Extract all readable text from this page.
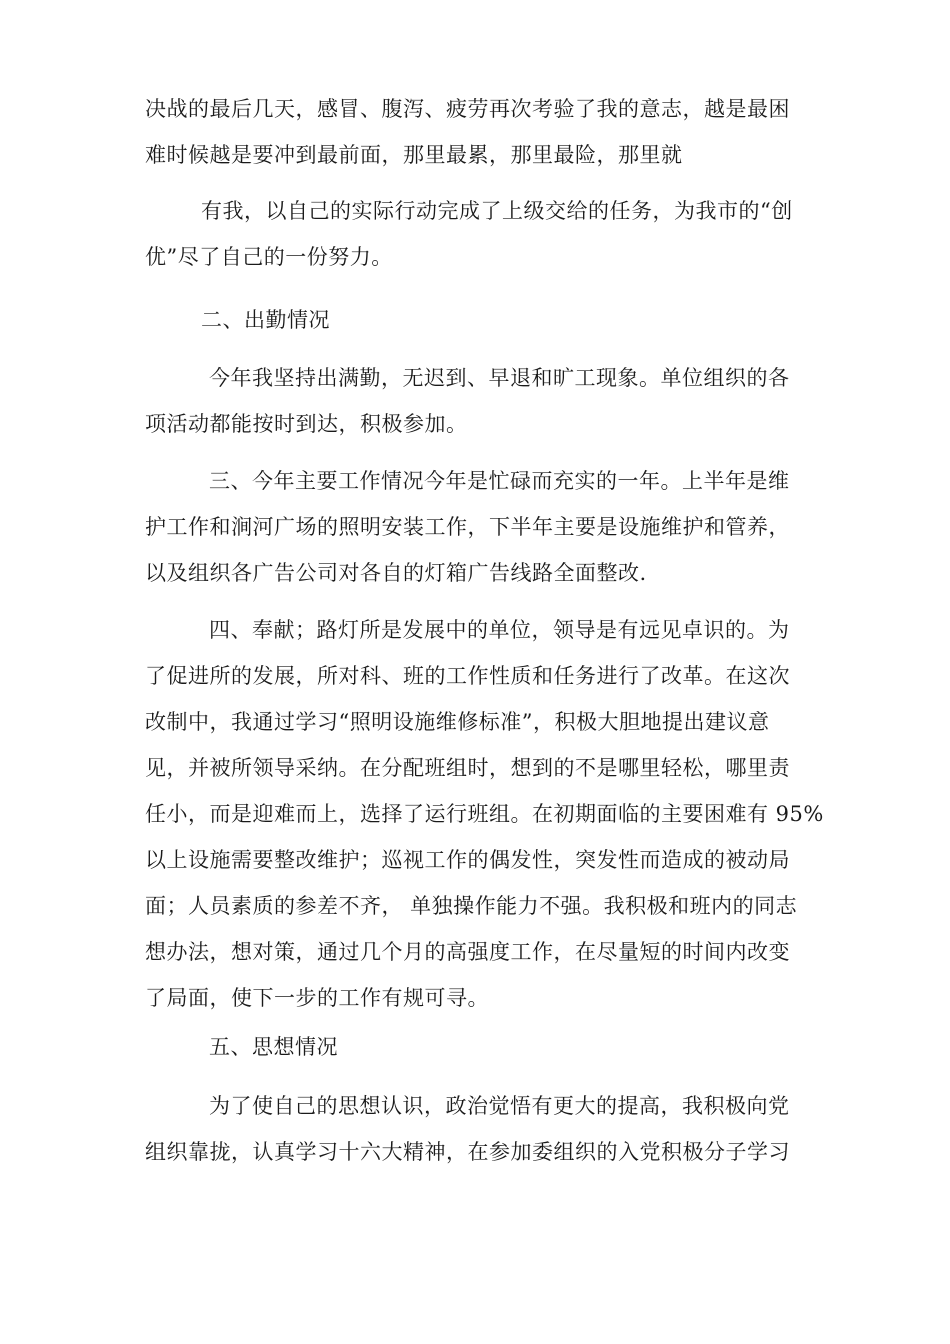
决战的最后几天，感冒、腹泻、疲劳再次考验了我的意志，越是最困
难时候越是要冲到最前面，那里最累，那里最险，那里就
有我，以自己的实际行动完成了上级交给的任务，为我市的“创
优”尽了自己的一份努力。
二、出勤情况
今年我坚持出满勤，无迟到、早退和旷工现象。单位组织的各
项活动都能按时到达，积极参加。
三、今年主要工作情况今年是忙碌而充实的一年。上半年是维
护工作和涧河广场的照明安装工作，下半年主要是设施维护和管养，
以及组织各广告公司对各自的灯箱广告线路全面整改.
四、奉献；路灯所是发展中的单位，领导是有远见卓识的。为
了促进所的发展，所对科、班的工作性质和任务进行了改革。在这次
改制中，我通过学习“照明设施维修标准”，积极大胆地提出建议意
见，并被所领导采纳。在分配班组时，想到的不是哪里轻松，哪里责
任小，而是迎难而上，选择了运行班组。在初期面临的主要困难有 95%
以上设施需要整改维护；巡视工作的偶发性，突发性而造成的被动局
面；人员素质的参差不齐， 单独操作能力不强。我积极和班内的同志
想办法，想对策，通过几个月的高强度工作，在尽量短的时间内改变
了局面，使下一步的工作有规可寻。
五、思想情况
为了使自己的思想认识，政治觉悟有更大的提高，我积极向党
组织靠拢，认真学习十六大精神，在参加委组织的入党积极分子学习
